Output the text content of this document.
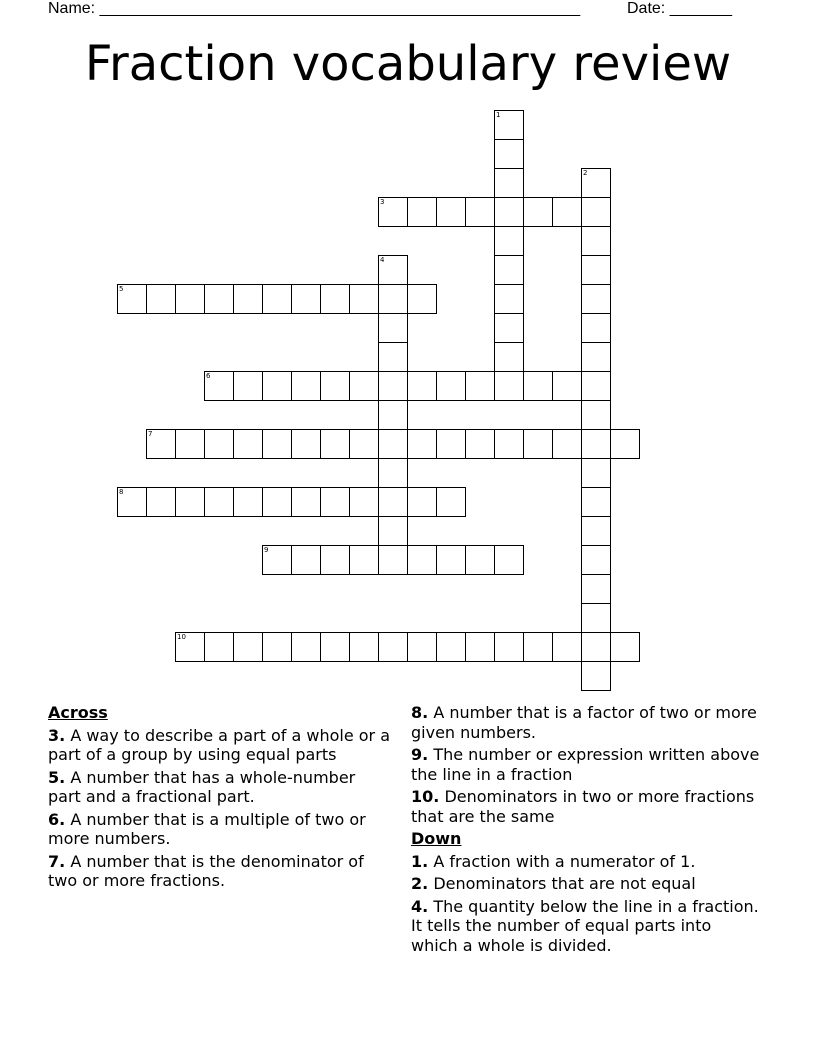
Name: ______________________________________________________	Date: _______
Fraction vocabulary review
1
2
3
4
5
6
7
8
9
10
Across
3. A way to describe a part of a whole or a part of a group by using equal parts
5. A number that has a whole-number part and a fractional part.
6. A number that is a multiple of two or more numbers.
7. A number that is the denominator of two or more fractions.
8. A number that is a factor of two or more given numbers.
9. The number or expression written above the line in a fraction
10. Denominators in two or more fractions that are the same
Down
1. A fraction with a numerator of 1.
2. Denominators that are not equal
4. The quantity below the line in a fraction. It tells the number of equal parts into which a whole is divided.
